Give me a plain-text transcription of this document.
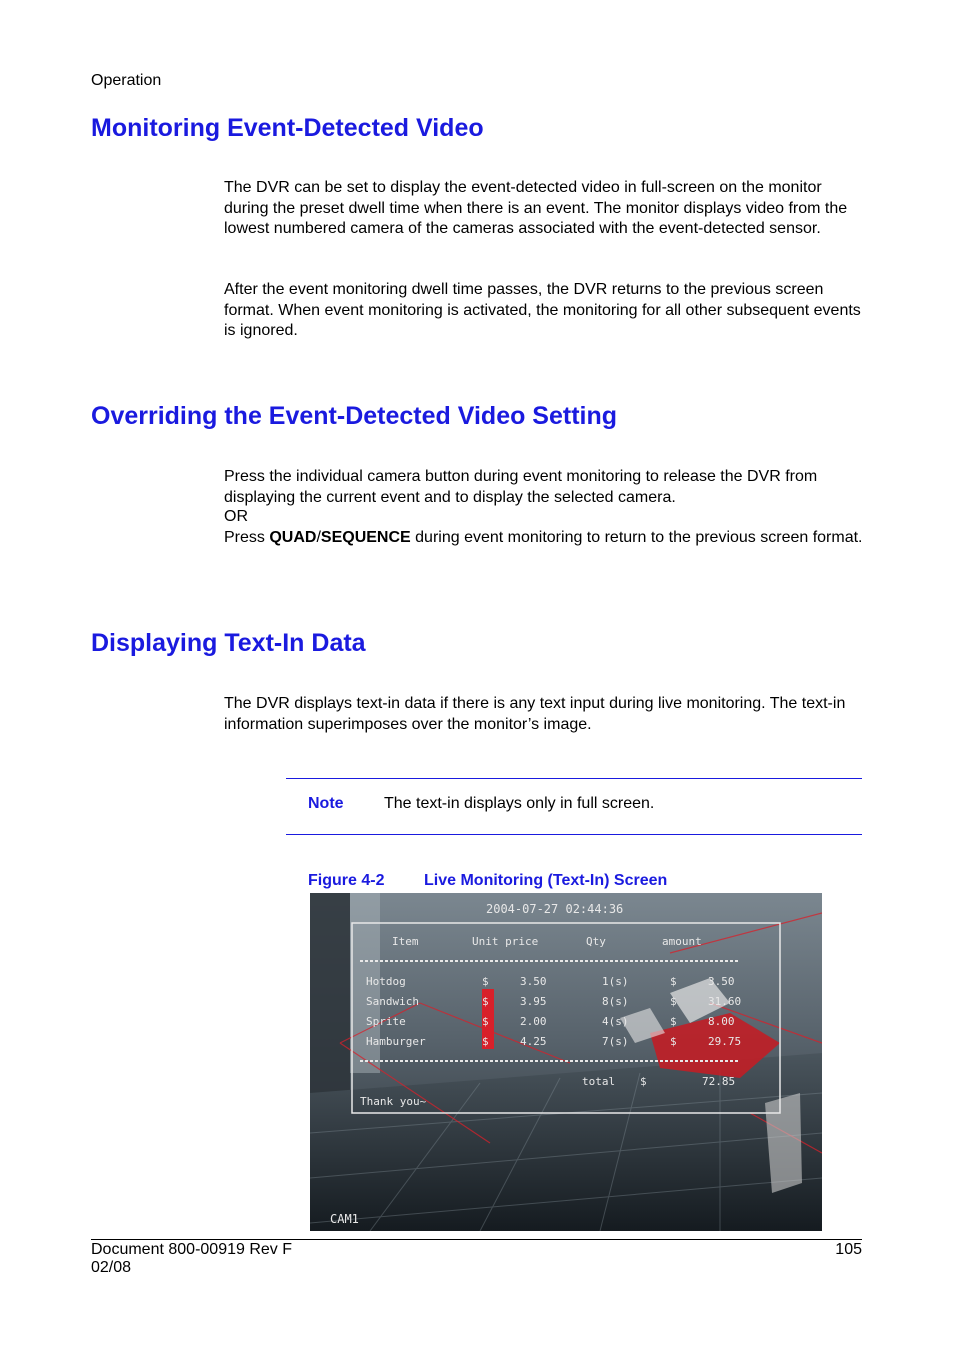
Operation
Monitoring Event-Detected Video

The DVR can be set to display the event-detected video in full-screen on the monitor during the preset dwell time when there is an event. The monitor displays video from the lowest numbered camera of the cameras associated with the event-detected sensor.

After the event monitoring dwell time passes, the DVR returns to the previous screen format. When event monitoring is activated, the monitoring for all other subsequent events is ignored.

Overriding the Event-Detected Video Setting

Press the individual camera button during event monitoring to release the DVR from displaying the current event and to display the selected camera.

OR

Press QUAD/SEQUENCE during event monitoring to return to the previous screen format.

Displaying Text-In Data

The DVR displays text-in data if there is any text input during live monitoring. The text-in information superimposes over the monitor’s image.

Note	The text-in displays only in full screen.
Figure 4-2 Live Monitoring (Text-In) Screen
2004-07-27 02:44:36
Item	Unit price	Qty	amount
Hotdog	$	3.50	1(s)	$	3.50
Sandwich	$	3.95	8(s)	$	31.60
Sprite	$	2.00	4(s)	$	8.00
Hamburger	$	4.25	7(s)	$	29.75
total $	72.85
Thank you~
CAM1
Document 800-00919 Rev F
02/08
105
